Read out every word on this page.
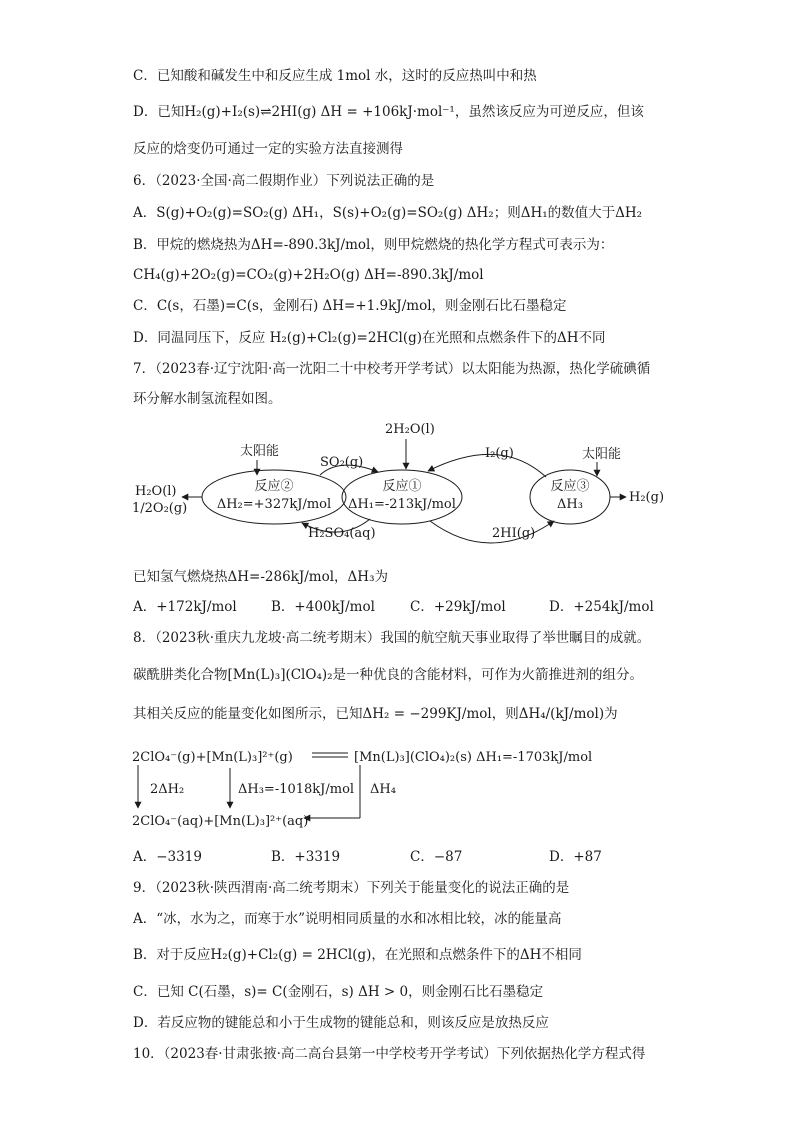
C．已知酸和碱发生中和反应生成 1mol 水，这时的反应热叫中和热
D．已知H₂(g)+I₂(s)⇌2HI(g) ΔH = +106kJ·mol⁻¹，虽然该反应为可逆反应，但该
反应的焓变仍可通过一定的实验方法直接测得
6．（2023·全国·高二假期作业）下列说法正确的是
A．S(g)+O₂(g)=SO₂(g) ΔH₁，S(s)+O₂(g)=SO₂(g) ΔH₂；则ΔH₁的数值大于ΔH₂
B．甲烷的燃烧热为ΔH=-890.3kJ/mol，则甲烷燃烧的热化学方程式可表示为：
CH₄(g)+2O₂(g)=CO₂(g)+2H₂O(g) ΔH=-890.3kJ/mol
C．C(s，石墨)=C(s，金刚石) ΔH=+1.9kJ/mol，则金刚石比石墨稳定
D．同温同压下，反应 H₂(g)+Cl₂(g)=2HCl(g)在光照和点燃条件下的ΔH不同
7．（2023春·辽宁沈阳·高一沈阳二十中校考开学考试）以太阳能为热源，热化学硫碘循
环分解水制氢流程如图。
太阳能
2H₂O(l)
太阳能
SO₂(g)
I₂(g)
反应②
ΔH₂=+327kJ/mol
反应①
ΔH₁=-213kJ/mol
反应③
ΔH₃
H₂O(l)
1/2O₂(g)
H₂(g)
H₂SO₄(aq)	2HI(g)
已知氢气燃烧热ΔH=-286kJ/mol，ΔH₃为
A．+172kJ/mol	B．+400kJ/mol	C．+29kJ/mol	D．+254kJ/mol
8．（2023秋·重庆九龙坡·高二统考期末）我国的航空航天事业取得了举世瞩目的成就。
碳酰肼类化合物[Mn(L)₃](ClO₄)₂是一种优良的含能材料，可作为火箭推进剂的组分。
其相关反应的能量变化如图所示，已知ΔH₂ = −299KJ/mol，则ΔH₄/(kJ/mol)为
2ClO₄⁻(g)+[Mn(L)₃]²⁺(g)	[Mn(L)₃](ClO₄)₂(s) ΔH₁=-1703kJ/mol
2ΔH₂	ΔH₃=-1018kJ/mol ΔH₄
2ClO₄⁻(aq)+[Mn(L)₃]²⁺(aq)
A．−3319	B．+3319	C．−87	D．+87
9．（2023秋·陕西渭南·高二统考期末）下列关于能量变化的说法正确的是
A．“冰，水为之，而寒于水”说明相同质量的水和冰相比较，冰的能量高
B．对于反应H₂(g)+Cl₂(g) = 2HCl(g)，在光照和点燃条件下的ΔH不相同
C．已知 C(石墨，s)= C(金刚石，s) ΔH > 0，则金刚石比石墨稳定
D．若反应物的键能总和小于生成物的键能总和，则该反应是放热反应
10．（2023春·甘肃张掖·高二高台县第一中学校考开学考试）下列依据热化学方程式得
